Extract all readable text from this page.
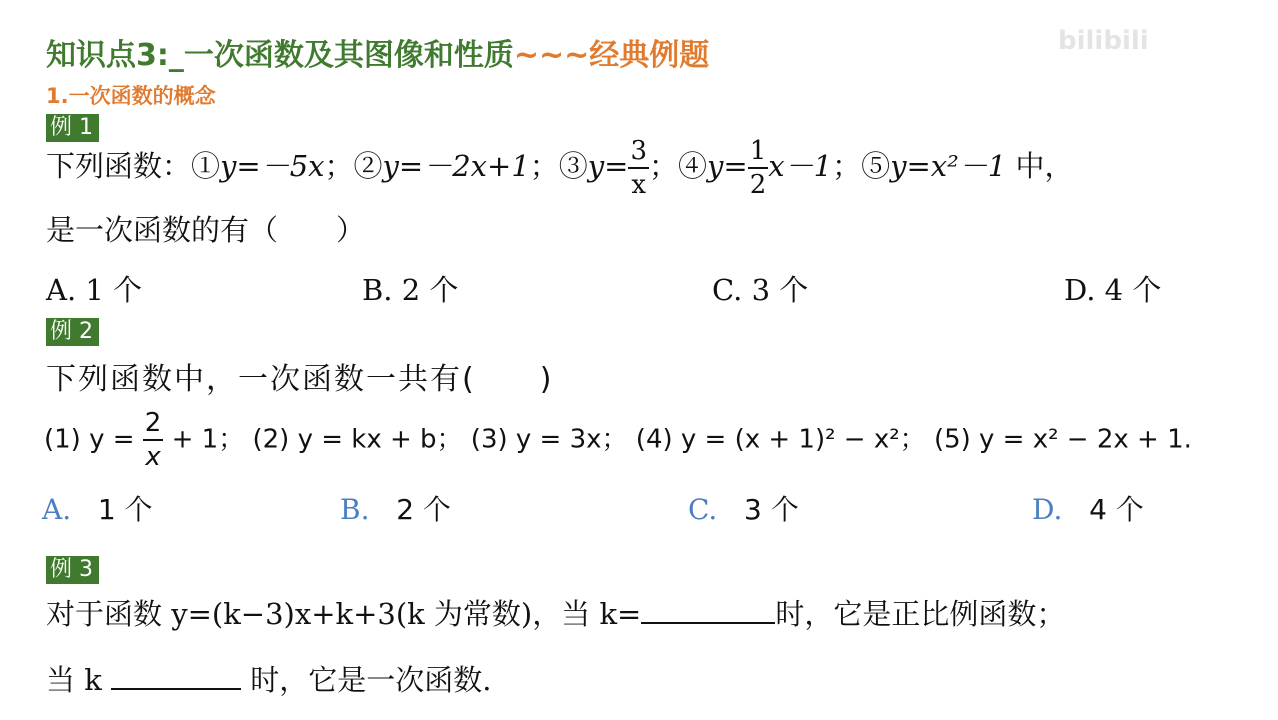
知识点3:_一次函数及其图像和性质~~~经典例题
1.一次函数的概念
bilibili
例 1
下列函数：①y=－5x；②y=－2x+1；③y= $\frac{3}{x}$ ；④y= $\frac{1}{2} x-1$；⑤y=x²－1 中，
是一次函数的有（　　）
A. 1 个	B. 2 个	C. 3 个	D. 4 个
例 2
下列函数中，一次函数一共有(　　)
(1) $y = \frac{2}{x} + 1$； (2) y = kx + b； (3) y = 3x； (4) y = (x + 1)² − x²； (5) y = x² − 2x + 1.
A. 1 个	B. 2 个	C. 3 个	D. 4 个
例 3
对于函数 y=(k−3)x+k+3(k 为常数)，当 k=	时，它是正比例函数；
当 k	时，它是一次函数.
